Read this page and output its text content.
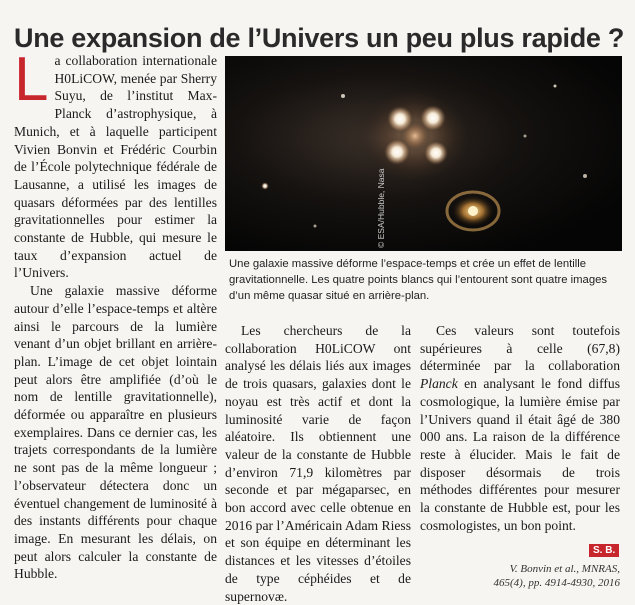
Une expansion de l’Univers un peu plus rapide ?

La collaboration internationale H0LiCOW, menée par Sherry Suyu, de l’institut Max-Planck d’astrophysique, à Munich, et à laquelle participent Vivien Bonvin et Frédéric Courbin de l’École polytechnique fédérale de Lausanne, a utilisé les images de quasars déformées par des lentilles gravitationnelles pour estimer la constante de Hubble, qui mesure le taux d’expansion actuel de l’Univers.

Une galaxie massive déforme autour d’elle l’espace-temps et altère ainsi le parcours de la lumière venant d’un objet brillant en arrière-plan. L’image de cet objet lointain peut alors être amplifiée (d’où le nom de lentille gravitationnelle), déformée ou apparaître en plusieurs exemplaires. Dans ce dernier cas, les trajets correspondants de la lumière ne sont pas de la même longueur ; l’observateur détectera donc un éventuel changement de luminosité à des instants différents pour chaque image. En mesurant les délais, on peut alors calculer la constante de Hubble.

© ESA/Hubble, Nasa
Une galaxie massive déforme l’espace-temps et crée un effet de lentille gravitationnelle. Les quatre points blancs qui l’entourent sont quatre images d’un même quasar situé en arrière-plan.

Les chercheurs de la collaboration H0LiCOW ont analysé les délais liés aux images de trois quasars, galaxies dont le noyau est très actif et dont la luminosité varie de façon aléatoire. Ils obtiennent une valeur de la constante de Hubble d’environ 71,9 kilomètres par seconde et par mégaparsec, en bon accord avec celle obtenue en 2016 par l’Américain Adam Riess et son équipe en déterminant les distances et les vitesses d’étoiles de type céphéides et de supernovæ.

Ces valeurs sont toutefois supérieures à celle (67,8) déterminée par la collaboration Planck en analysant le fond diffus cosmologique, la lumière émise par l’Univers quand il était âgé de 380 000 ans. La raison de la différence reste à élucider. Mais le fait de disposer désormais de trois méthodes différentes pour mesurer la constante de Hubble est, pour les cosmologistes, un bon point.

S. B.
V. Bonvin et al., MNRAS,
465(4), pp. 4914-4930, 2016
